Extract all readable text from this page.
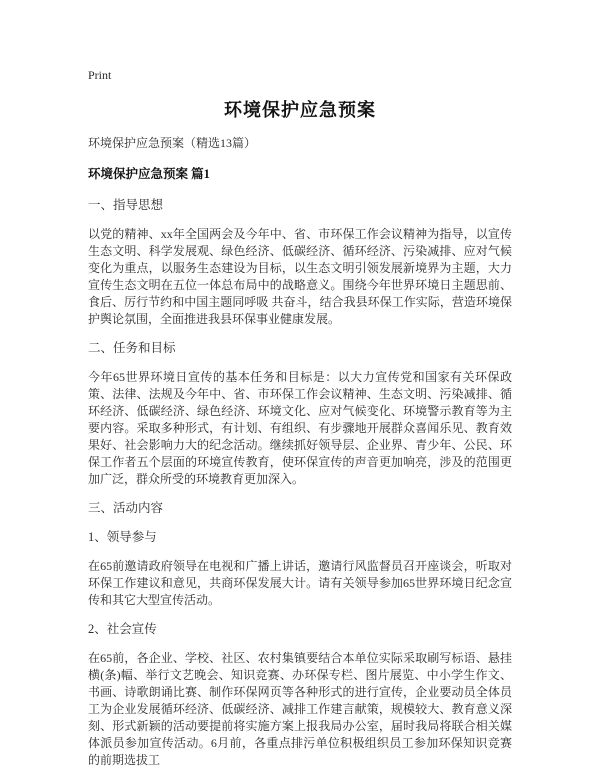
Print
环境保护应急预案

环境保护应急预案（精选13篇）

环境保护应急预案 篇1
一、指导思想

以党的精神、xx年全国两会及今年中、省、市环保工作会议精神为指导，以宣传生态文明、科学发展观、绿色经济、低碳经济、循环经济、污染减排、应对气候变化为重点，以服务生态建设为目标，以生态文明引领发展新境界为主题，大力宣传生态文明在五位一体总布局中的战略意义。围绕今年世界环境日主题思前、食后、厉行节约和中国主题同呼吸 共奋斗，结合我县环保工作实际，营造环境保护舆论氛围，全面推进我县环保事业健康发展。

二、任务和目标

今年65世界环境日宣传的基本任务和目标是：以大力宣传党和国家有关环保政策、法律、法规及今年中、省、市环保工作会议精神、生态文明、污染减排、循环经济、低碳经济、绿色经济、环境文化、应对气候变化、环境警示教育等为主要内容。采取多种形式，有计划、有组织、有步骤地开展群众喜闻乐见、教育效果好、社会影响力大的纪念活动。继续抓好领导层、企业界、青少年、公民、环保工作者五个层面的环境宣传教育，使环保宣传的声音更加响亮，涉及的范围更加广泛，群众所受的环境教育更加深入。

三、活动内容
1、领导参与

在65前邀请政府领导在电视和广播上讲话，邀请行风监督员召开座谈会，听取对环保工作建议和意见，共商环保发展大计。请有关领导参加65世界环境日纪念宣传和其它大型宣传活动。

2、社会宣传

在65前，各企业、学校、社区、农村集镇要结合本单位实际采取刷写标语、悬挂横(条)幅、举行文艺晚会、知识竞赛、办环保专栏、图片展览、中小学生作文、书画、诗歌朗诵比赛、制作环保网页等各种形式的进行宣传，企业要动员全体员工为企业发展循环经济、低碳经济、减排工作建言献策，规模较大、教育意义深刻、形式新颖的活动要提前将实施方案上报我局办公室，届时我局将联合相关媒体派员参加宣传活动。6月前，各重点排污单位积极组织员工参加环保知识竞赛的前期选拔工
